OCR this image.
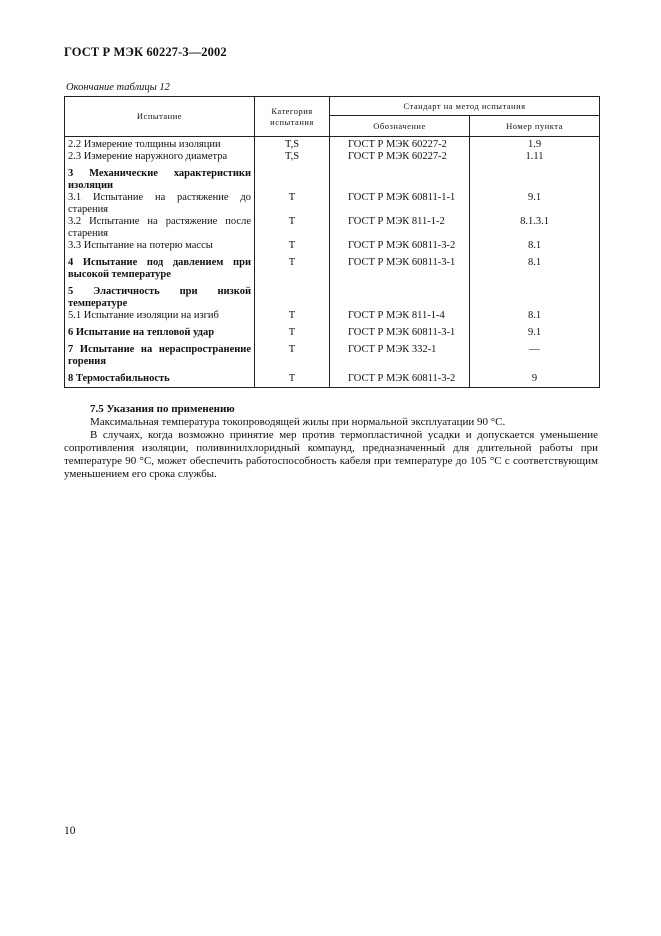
ГОСТ Р МЭК 60227-3—2002
Окончание таблицы 12
Испытание	Категория испытания	Стандарт на метод испытания	
		Обозначение	Номер пункта
2.2 Измерение толщины изоляции	T,S	ГОСТ Р МЭК 60227-2	1.9
2.3 Измерение наружного диаметра	T,S	ГОСТ Р МЭК 60227-2	1.11
3 Механические характеристики изоляции			
3.1 Испытание на растяжение до старения	T	ГОСТ Р МЭК 60811-1-1	9.1
3.2 Испытание на растяжение после старения	T	ГОСТ Р МЭК 811-1-2	8.1.3.1
3.3 Испытание на потерю массы	T	ГОСТ Р МЭК 60811-3-2	8.1
4 Испытание под давлением при высокой температуре	T	ГОСТ Р МЭК 60811-3-1	8.1
5 Эластичность при низкой температуре			
5.1 Испытание изоляции на изгиб	T	ГОСТ Р МЭК 811-1-4	8.1
6 Испытание на тепловой удар	T	ГОСТ Р МЭК 60811-3-1	9.1
7 Испытание на нераспространение горения	T	ГОСТ Р МЭК 332-1	—
8 Термостабильность	T	ГОСТ Р МЭК 60811-3-2	9
7.5 Указания по применению

Максимальная температура токопроводящей жилы при нормальной эксплуатации 90 °С.

В случаях, когда возможно принятие мер против термопластичной усадки и допускается уменьшение сопротивления изоляции, поливинилхлоридный компаунд, предназначенный для длительной работы при температуре 90 °С, может обеспечить работоспособность кабеля при температуре до 105 °С с соответствующим уменьшением его срока службы.

10
